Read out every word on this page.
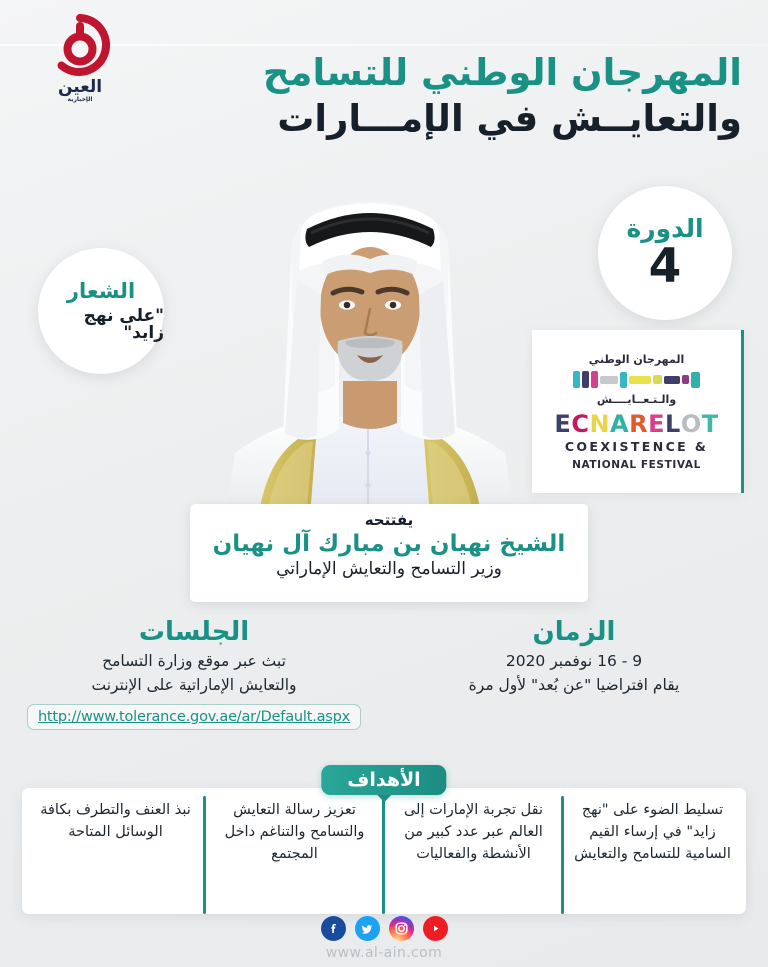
العين
الإخبارية
المهرجان الوطني للتسامح
والتعايــش في الإمـــارات
الدورة
4
الشعار
"على نهج زايد"
المهرجان الوطني
والـتـعــايــــش
TOLERANCE
& COEXISTENCE
NATIONAL FESTIVAL
يفتتحه
الشيخ نهيان بن مبارك آل نهيان
وزير التسامح والتعايش الإماراتي
الزمان
9 - 16 نوفمبر 2020
يقام افتراضيا "عن بُعد" لأول مرة
الجلسات
تبث عبر موقع وزارة التسامح
والتعايش الإماراتية على الإنترنت
http://www.tolerance.gov.ae/ar/Default.aspx
الأهداف
تسليط الضوء على "نهج زايد" في إرساء القيم السامية للتسامح والتعايش
نقل تجربة الإمارات إلى العالم عبر عدد كبير من الأنشطة والفعاليات
تعزيز رسالة التعايش والتسامح والتناغم داخل المجتمع
نبذ العنف والتطرف بكافة الوسائل المتاحة
www.al-ain.com
